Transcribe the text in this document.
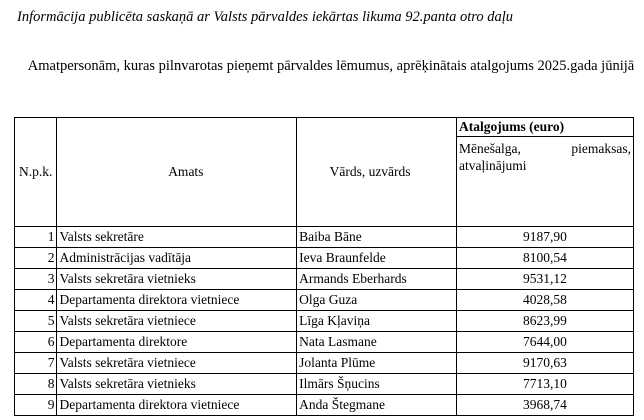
Informācija publicēta saskaņā ar Valsts pārvaldes iekārtas likuma 92.panta otro daļu
Amatpersonām, kuras pilnvarotas pieņemt pārvaldes lēmumus, aprēķinātais atalgojums 2025.gada jūnijā
N.p.k.	Amats	Vārds, uzvārds	Atalgojums (euro)
			Mēnešalga, piemaksas, atvaļinājumi
1	Valsts sekretāre	Baiba Bāne	9187,90
2	Administrācijas vadītāja	Ieva Braunfelde	8100,54
3	Valsts sekretāra vietnieks	Armands Eberhards	9531,12
4	Departamenta direktora vietniece	Olga Guza	4028,58
5	Valsts sekretāra vietniece	Līga Kļaviņa	8623,99
6	Departamenta direktore	Nata Lasmane	7644,00
7	Valsts sekretāra vietniece	Jolanta Plūme	9170,63
8	Valsts sekretāra vietnieks	Ilmārs Šņucins	7713,10
9	Departamenta direktora vietniece	Anda Štegmane	3968,74
